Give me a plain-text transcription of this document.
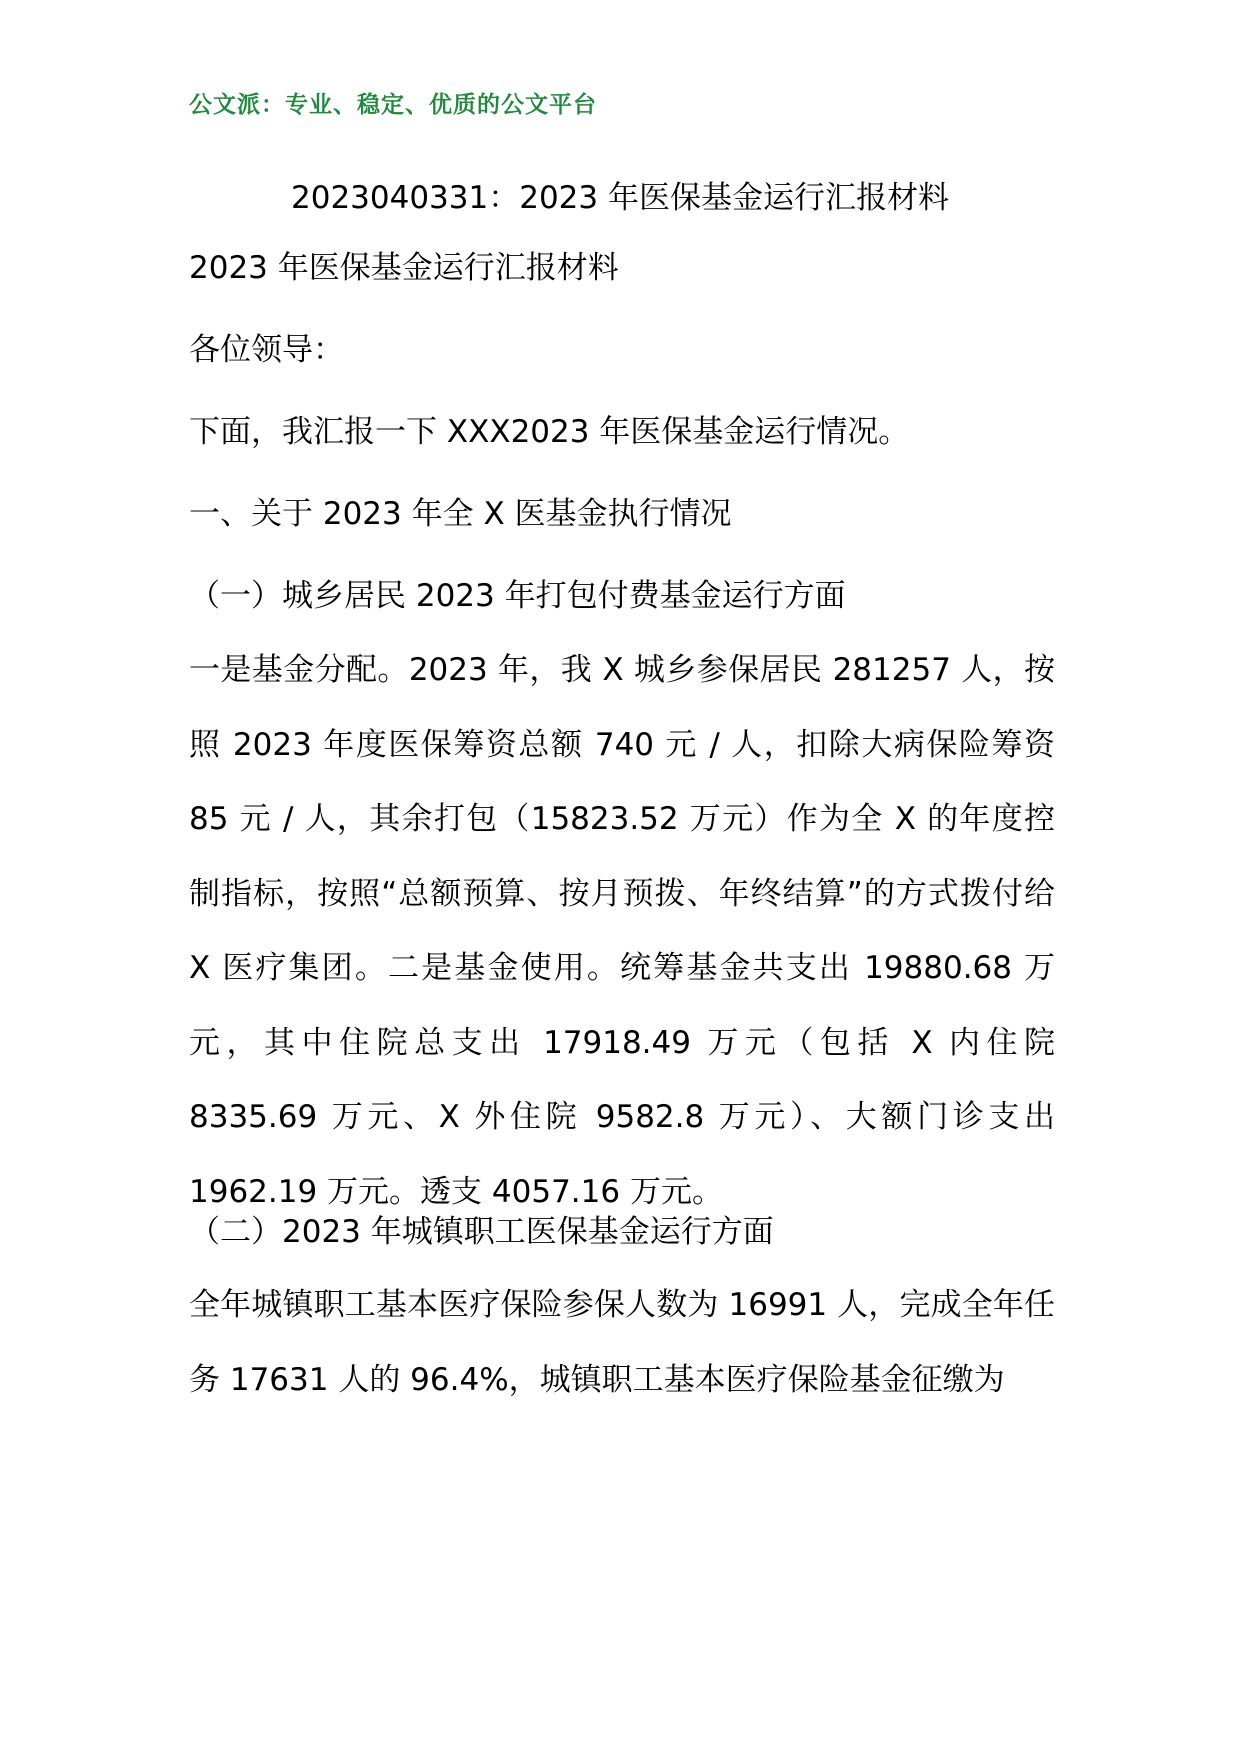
公文派：专业、稳定、优质的公文平台
2023040331：2023 年医保基金运行汇报材料
2023 年医保基金运行汇报材料
各位领导：
下面，我汇报一下 XXX2023 年医保基金运行情况。
一、关于 2023 年全 X 医基金执行情况
（一）城乡居民 2023 年打包付费基金运行方面
一是基金分配。2023 年，我 X 城乡参保居民 281257 人，按照 2023 年度医保筹资总额 740 元 / 人，扣除大病保险筹资 85 元 / 人，其余打包（15823.52 万元）作为全 X 的年度控制指标，按照“总额预算、按月预拨、年终结算”的方式拨付给 X 医疗集团。二是基金使用。统筹基金共支出 19880.68 万元，其中住院总支出 17918.49 万元（包括 X 内住院 8335.69 万元、X 外住院 9582.8 万元）、大额门诊支出 1962.19 万元。透支 4057.16 万元。
（二）2023 年城镇职工医保基金运行方面
全年城镇职工基本医疗保险参保人数为 16991 人，完成全年任务 17631 人的 96.4%，城镇职工基本医疗保险基金征缴为
